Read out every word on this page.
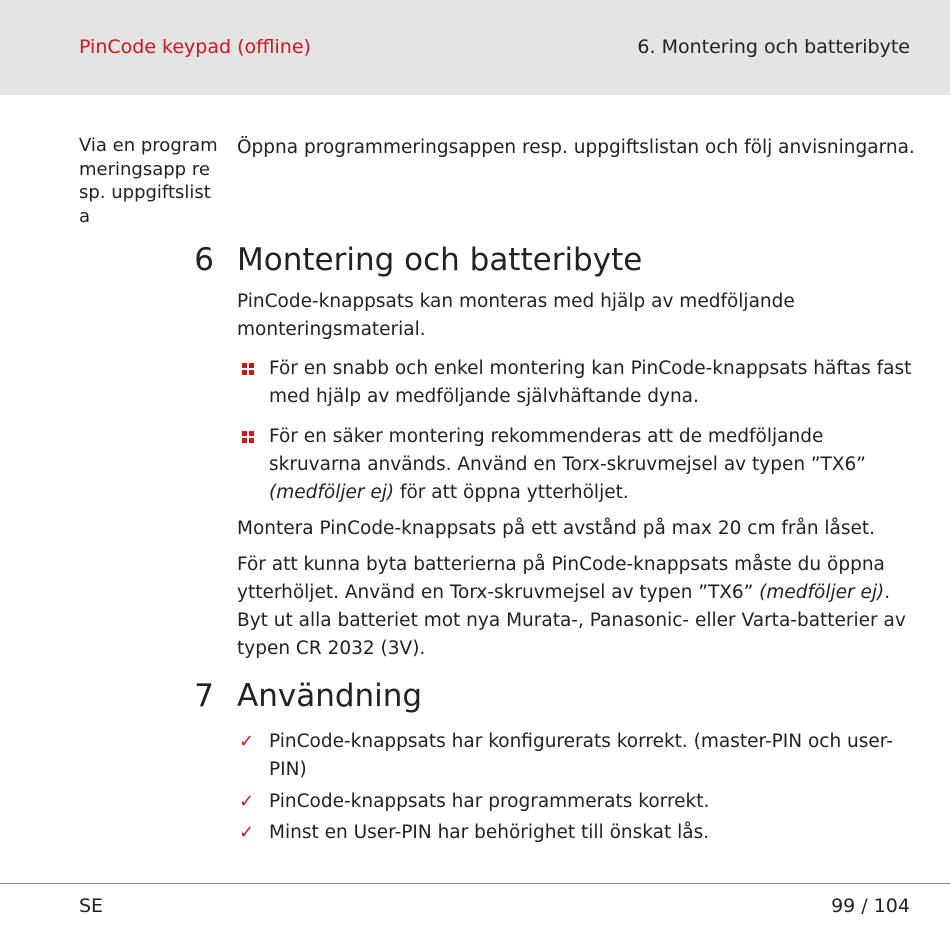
PinCode keypad (offline)	6. Montering och batteribyte
Via en programmeringsapp resp. uppgiftslista

Öppna programmeringsappen resp. uppgiftslistan och följ anvisningarna.

6 Montering och batteribyte

PinCode-knappsats kan monteras med hjälp av medföljande monteringsmaterial.

För en snabb och enkel montering kan PinCode-knappsats häftas fast med hjälp av medföljande självhäftande dyna.
För en säker montering rekommenderas att de medföljande skruvarna används. Använd en Torx-skruvmejsel av typen ”TX6” (medföljer ej) för att öppna ytterhöljet.

Montera PinCode-knappsats på ett avstånd på max 20 cm från låset.

För att kunna byta batterierna på PinCode-knappsats måste du öppna ytterhöljet. Använd en Torx-skruvmejsel av typen ”TX6” (medföljer ej). Byt ut alla batteriet mot nya Murata-, Panasonic- eller Varta-batterier av typen CR 2032 (3V).

7 Användning
✓ PinCode-knappsats har konfigurerats korrekt. (master-PIN och user-PIN)
✓ PinCode-knappsats har programmerats korrekt.
✓ Minst en User-PIN har behörighet till önskat lås.
SE	99 / 104
